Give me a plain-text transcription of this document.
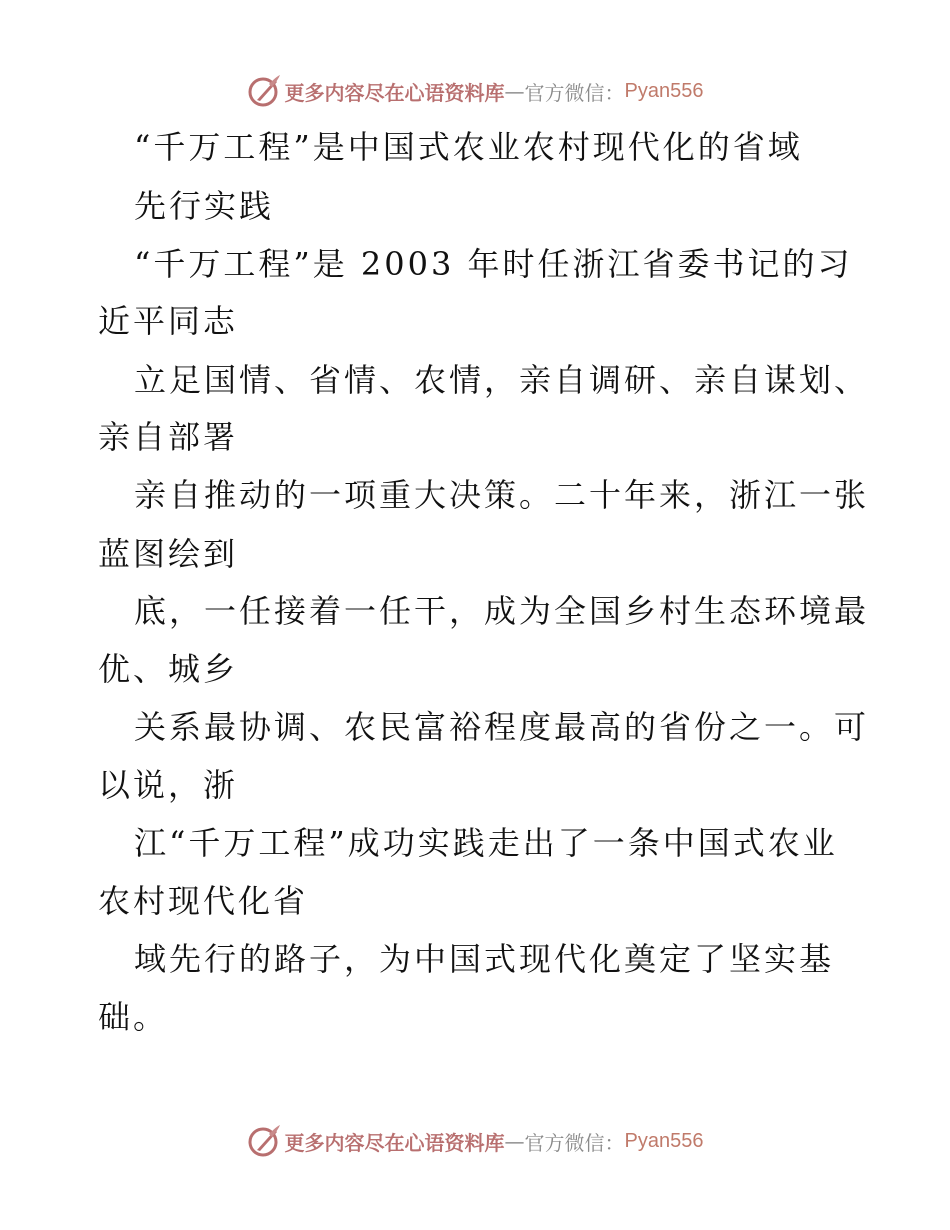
更多内容尽在心语资料库 — 官方微信： Pyan556
“千万工程”是中国式农业农村现代化的省域
先行实践
“千万工程”是 2003 年时任浙江省委书记的习
近平同志
立足国情、省情、农情，亲自调研、亲自谋划、
亲自部署
亲自推动的一项重大决策。二十年来，浙江一张
蓝图绘到
底，一任接着一任干，成为全国乡村生态环境最
优、城乡
关系最协调、农民富裕程度最高的省份之一。可
以说，浙
江“千万工程”成功实践走出了一条中国式农业
农村现代化省
域先行的路子，为中国式现代化奠定了坚实基
础。
更多内容尽在心语资料库 — 官方微信： Pyan556
